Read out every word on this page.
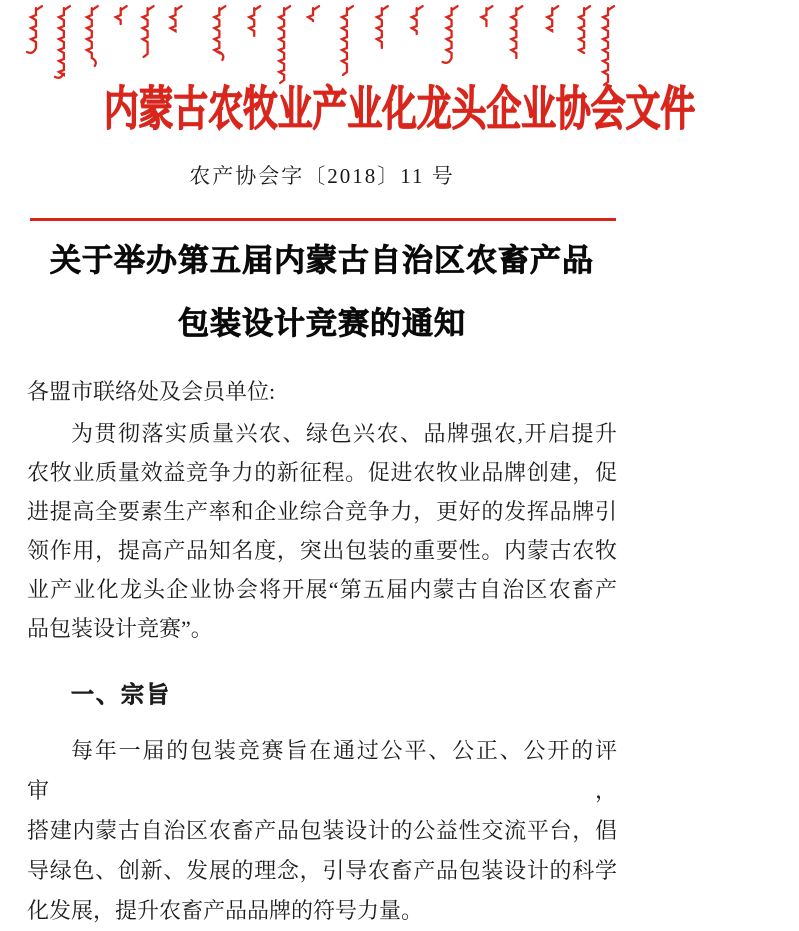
内蒙古农牧业产业化龙头企业协会文件
农产协会字〔2018〕11 号
关于举办第五届内蒙古自治区农畜产品
包装设计竞赛的通知
各盟市联络处及会员单位:
为贯彻落实质量兴农、绿色兴农、品牌强农,开启提升
农牧业质量效益竞争力的新征程。促进农牧业品牌创建，促
进提高全要素生产率和企业综合竞争力，更好的发挥品牌引
领作用，提高产品知名度，突出包装的重要性。内蒙古农牧
业产业化龙头企业协会将开展“第五届内蒙古自治区农畜产
品包装设计竞赛”。
一、宗旨
每年一届的包装竞赛旨在通过公平、公正、公开的评审，
搭建内蒙古自治区农畜产品包装设计的公益性交流平台，倡
导绿色、创新、发展的理念，引导农畜产品包装设计的科学
化发展，提升农畜产品品牌的符号力量。
